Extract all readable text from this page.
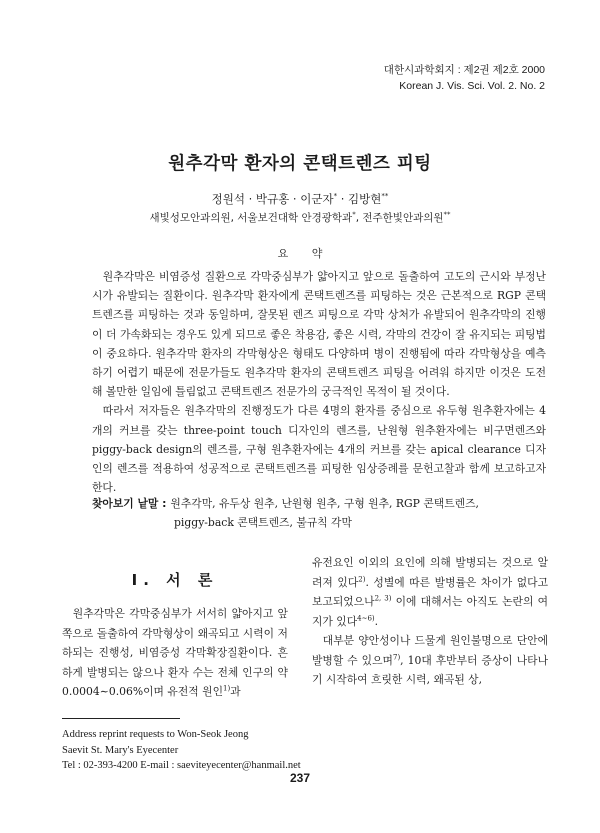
대한시과학회지 : 제2권 제2호 2000
Korean J. Vis. Sci. Vol. 2. No. 2
원추각막 환자의 콘택트렌즈 피팅
정원석 · 박규홍 · 이군자* · 김방현**
새빛성모안과의원, 서울보건대학 안경광학과*, 전주한빛안과의원**
요 약

원추각막은 비염증성 질환으로 각막중심부가 얇아지고 앞으로 돌출하여 고도의 근시와 부정난시가 유발되는 질환이다. 원추각막 환자에게 콘택트렌즈를 피팅하는 것은 근본적으로 RGP 콘택트렌즈를 피팅하는 것과 동일하며, 잘못된 렌즈 피팅으로 각막 상처가 유발되어 원추각막의 진행이 더 가속화되는 경우도 있게 되므로 좋은 착용감, 좋은 시력, 각막의 건강이 잘 유지되는 피팅법이 중요하다. 원추각막 환자의 각막형상은 형태도 다양하며 병이 진행됨에 따라 각막형상을 예측하기 어렵기 때문에 전문가들도 원추각막 환자의 콘택트렌즈 피팅을 어려워 하지만 이것은 도전해 볼만한 일임에 틀림없고 콘택트렌즈 전문가의 궁극적인 목적이 될 것이다.

따라서 저자들은 원추각막의 진행정도가 다른 4명의 환자를 중심으로 유두형 원추환자에는 4개의 커브를 갖는 three-point touch 디자인의 렌즈를, 난원형 원추환자에는 비구면렌즈와 piggy-back design의 렌즈를, 구형 원추환자에는 4개의 커브를 갖는 apical clearance 디자인의 렌즈를 적용하여 성공적으로 콘택트렌즈를 피팅한 임상증례를 문헌고찰과 함께 보고하고자 한다.

찾아보기 낱말 : 원추각막, 유두상 원추, 난원형 원추, 구형 원추, RGP 콘택트렌즈,
piggy-back 콘택트렌즈, 불규칙 각막
I. 서 론

원추각막은 각막중심부가 서서히 얇아지고 앞쪽으로 돌출하여 각막형상이 왜곡되고 시력이 저하되는 진행성, 비염증성 각막확장질환이다. 흔하게 발병되는 않으나 환자 수는 전체 인구의 약 0.0004∼0.06%이며 유전적 원인$^{1)}$과

유전요인 이외의 요인에 의해 발병되는 것으로 알려져 있다$^{2)}$. 성별에 따른 발병률은 차이가 없다고 보고되었으나$^{2, 3)}$ 이에 대해서는 아직도 논란의 여지가 있다$^{4\sim 6)}$.

대부분 양안성이나 드물게 원인불명으로 단안에 발병할 수 있으며$^{7)}$, 10대 후반부터 증상이 나타나기 시작하여 흐릿한 시력, 왜곡된 상,

Address reprint requests to Won-Seok Jeong
Saevit St. Mary's Eyecenter
Tel : 02-393-4200 E-mail : saeviteyecenter@hanmail.net
237
